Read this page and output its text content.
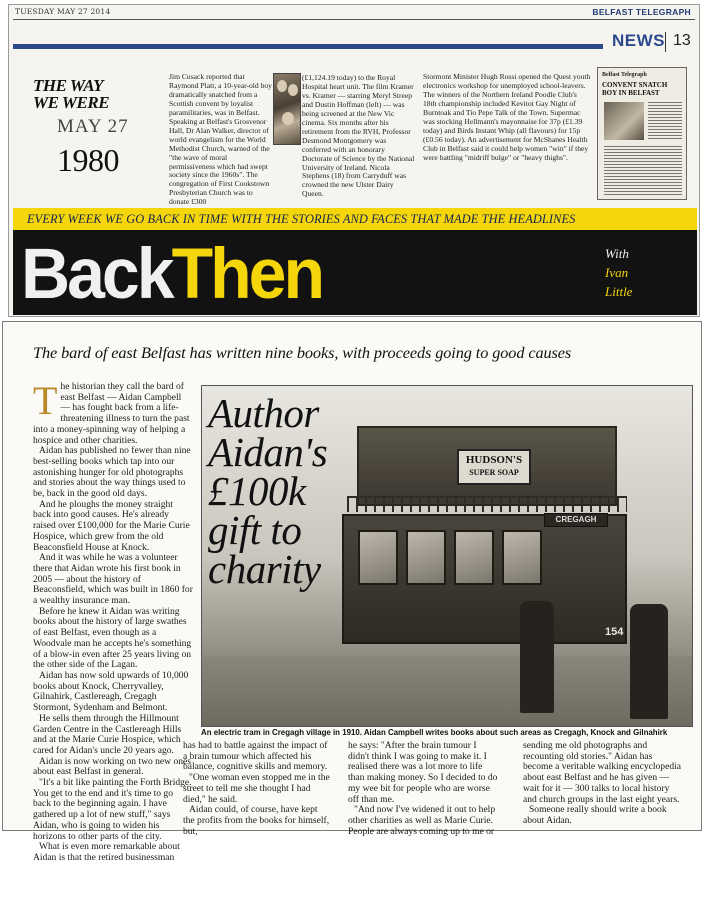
TUESDAY MAY 27 2014	BELFAST TELEGRAPH
NEWS 13
THE WAY WE WERE
MAY 27
1980
Jim Cusack reported that Raymond Platt, a 10-year-old boy dramatically snatched from a Scottish convent by loyalist paramilitaries, was in Belfast. Speaking at Belfast's Grosvenor Hall, Dr Alan Walker, director of world evangelism for the World Methodist Church, warned of the "the wave of moral permissiveness which had swept society since the 1960s". The congregation of First Cookstown Presbyterian Church was to donate £300
(£1,124.19 today) to the Royal Hospital heart unit. The film Kramer vs. Kramer — starring Meryl Streep and Dustin Hoffman (left) — was being screened at the New Vic cinema. Six months after his retirement from the RVH, Professor Desmond Montgomery was conferred with an honorary Doctorate of Science by the National University of Ireland. Nicola Stephens (18) from Carryduff was crowned the new Ulster Dairy Queen.
Stormont Minister Hugh Rossi opened the Quest youth electronics workshop for unemployed school-leavers. The winners of the Northern Ireland Poodle Club's 18th championship included Kevitot Gay Night of Burntoak and Tio Pepe Talk of the Town. Supermac was stocking Hellmann's mayonnaise for 37p (£1.39 today) and Birds Instant Whip (all flavours) for 15p (£0.56 today). An advertisement for McShanes Health Club in Belfast said it could help women "win" if they were battling "midriff bulge" or "heavy thighs".
Belfast Telegraph
CONVENT SNATCH BOY IN BELFAST
EVERY WEEK WE GO BACK IN TIME WITH THE STORIES AND FACES THAT MADE THE HEADLINES
BackThen	With
Ivan
Little
The bard of east Belfast has written nine books, with proceeds going to good causes

The historian they call the bard of east Belfast — Aidan Campbell — has fought back from a life-threatening illness to turn the past into a money-spinning way of helping a hospice and other charities.

Aidan has published no fewer than nine best-selling books which tap into our astonishing hunger for old photographs and stories about the way things used to be, back in the good old days.

And he ploughs the money straight back into good causes. He's already raised over £100,000 for the Marie Curie Hospice, which grew from the old Beaconsfield House at Knock.

And it was while he was a volunteer there that Aidan wrote his first book in 2005 — about the history of Beaconsfield, which was built in 1860 for a wealthy insurance man.

Before he knew it Aidan was writing books about the history of large swathes of east Belfast, even though as a Woodvale man he accepts he's something of a blow-in even after 25 years living on the other side of the Lagan.

Aidan has now sold upwards of 10,000 books about Knock, Cherryvalley, Gilnahirk, Castlereagh, Cregagh Stormont, Sydenham and Belmont.

He sells them through the Hillmount Garden Centre in the Castlereagh Hills and at the Marie Curie Hospice, which cared for Aidan's uncle 20 years ago.

Aidan is now working on two new ones about east Belfast in general.

"It's a bit like painting the Forth Bridge. You get to the end and it's time to go back to the beginning again. I have gathered up a lot of new stuff," says Aidan, who is going to widen his horizons to other parts of the city.

What is even more remarkable about Aidan is that the retired businessman

HUDSON'S
SUPER SOAP
CREGAGH
154
Author
Aidan's
£100k
gift to
charity
An electric tram in Cregagh village in 1910. Aidan Campbell writes books about such areas as Cregagh, Knock and Gilnahirk

has had to battle against the impact of a brain tumour which affected his balance, cognitive skills and memory.

"One woman even stopped me in the street to tell me she thought I had died," he said.

Aidan could, of course, have kept the profits from the books for himself, but,

he says: "After the brain tumour I didn't think I was going to make it. I realised there was a lot more to life than making money. So I decided to do my wee bit for people who are worse off than me.

"And now I've widened it out to help other charities as well as Marie Curie. People are always coming up to me or

sending me old photographs and recounting old stories." Aidan has become a veritable walking encyclopedia about east Belfast and he has given — wait for it — 300 talks to local history and church groups in the last eight years.

Someone really should write a book about Aidan.
